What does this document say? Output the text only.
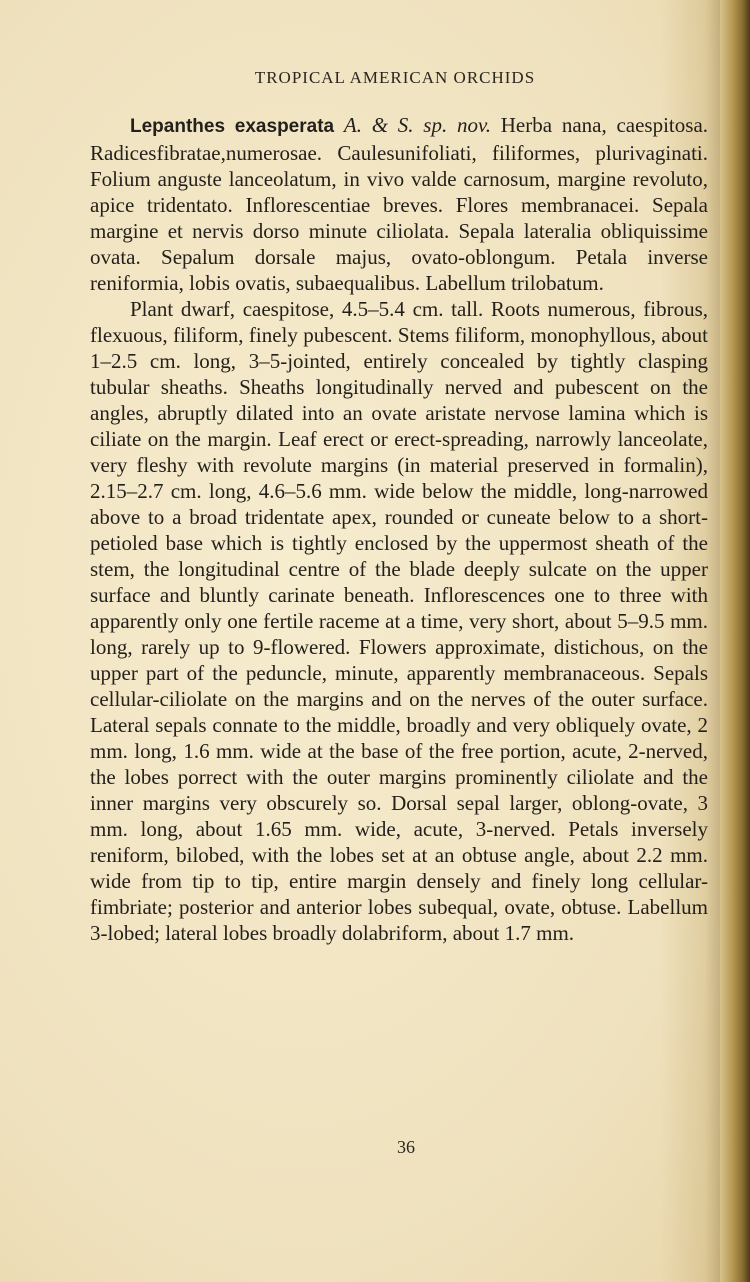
TROPICAL AMERICAN ORCHIDS

Lepanthes exasperata A. & S. sp. nov. Herba nana, caespitosa. Radicesfibratae,numerosae. Caulesunifoliati, filiformes, plurivaginati. Folium anguste lanceolatum, in vivo valde carnosum, margine revoluto, apice tridentato. Inflorescentiae breves. Flores membranacei. Sepala margine et nervis dorso minute ciliolata. Sepala lateralia obliquissime ovata. Sepalum dorsale majus, ovato-oblongum. Petala inverse reniformia, lobis ovatis, subaequalibus. Labellum trilobatum.

Plant dwarf, caespitose, 4.5–5.4 cm. tall. Roots numerous, fibrous, flexuous, filiform, finely pubescent. Stems filiform, monophyllous, about 1–2.5 cm. long, 3–5-jointed, entirely concealed by tightly clasping tubular sheaths. Sheaths longitudinally nerved and pubescent on the angles, abruptly dilated into an ovate aristate nervose lamina which is ciliate on the margin. Leaf erect or erect-spreading, narrowly lanceolate, very fleshy with revolute margins (in material preserved in formalin), 2.15–2.7 cm. long, 4.6–5.6 mm. wide below the middle, long-narrowed above to a broad tridentate apex, rounded or cuneate below to a short-petioled base which is tightly enclosed by the uppermost sheath of the stem, the longitudinal centre of the blade deeply sulcate on the upper surface and bluntly carinate beneath. Inflorescences one to three with apparently only one fertile raceme at a time, very short, about 5–9.5 mm. long, rarely up to 9-flowered. Flowers approximate, distichous, on the upper part of the peduncle, minute, apparently membranaceous. Sepals cellular-ciliolate on the margins and on the nerves of the outer surface. Lateral sepals connate to the middle, broadly and very obliquely ovate, 2 mm. long, 1.6 mm. wide at the base of the free portion, acute, 2-nerved, the lobes porrect with the outer margins prominently ciliolate and the inner margins very obscurely so. Dorsal sepal larger, oblong-ovate, 3 mm. long, about 1.65 mm. wide, acute, 3-nerved. Petals inversely reniform, bilobed, with the lobes set at an obtuse angle, about 2.2 mm. wide from tip to tip, entire margin densely and finely long cellular-fimbriate; posterior and anterior lobes subequal, ovate, obtuse. Labellum 3-lobed; lateral lobes broadly dolabriform, about 1.7 mm.

36
